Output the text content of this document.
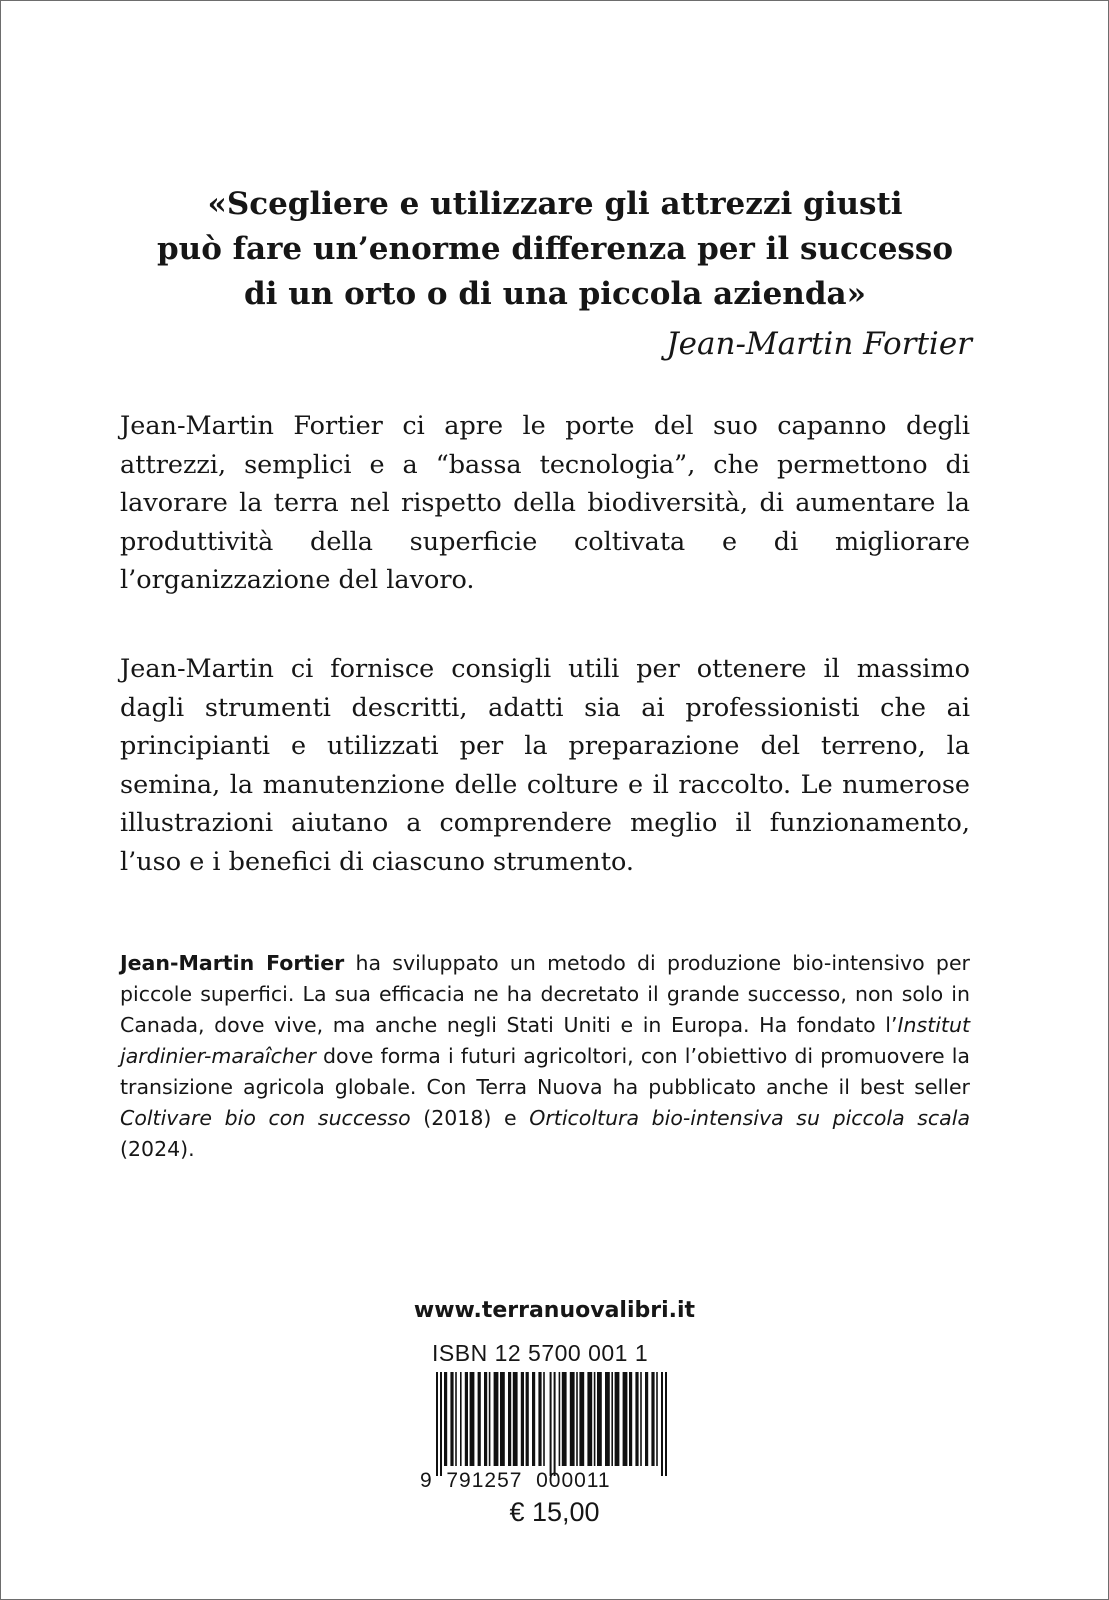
«Scegliere e utilizzare gli attrezzi giusti
può fare un’enorme differenza per il successo
di un orto o di una piccola azienda»

Jean-Martin Fortier

Jean-Martin Fortier ci apre le porte del suo capanno degli attrezzi, semplici e a “bassa tecnologia”, che permettono di lavorare la terra nel rispetto della biodiversità, di aumentare la produttività della superficie coltivata e di migliorare l’organizzazione del lavoro.

Jean-Martin ci fornisce consigli utili per ottenere il massimo dagli strumenti descritti, adatti sia ai professionisti che ai principianti e utilizzati per la preparazione del terreno, la semina, la manutenzione delle colture e il raccolto. Le numerose illustrazioni aiutano a comprendere meglio il funzionamento, l’uso e i benefici di ciascuno strumento.

Jean-Martin Fortier ha sviluppato un metodo di produzione bio-intensivo per piccole superfici. La sua efficacia ne ha decretato il grande successo, non solo in Canada, dove vive, ma anche negli Stati Uniti e in Europa. Ha fondato l’Institut jardinier-maraîcher dove forma i futuri agricoltori, con l’obiettivo di promuovere la transizione agricola globale. Con Terra Nuova ha pubblicato anche il best seller Coltivare bio con successo (2018) e Orticoltura bio-intensiva su piccola scala (2024).

www.terranuovalibri.it

ISBN 12 5700 001 1

9  791257  000011

€ 15,00
